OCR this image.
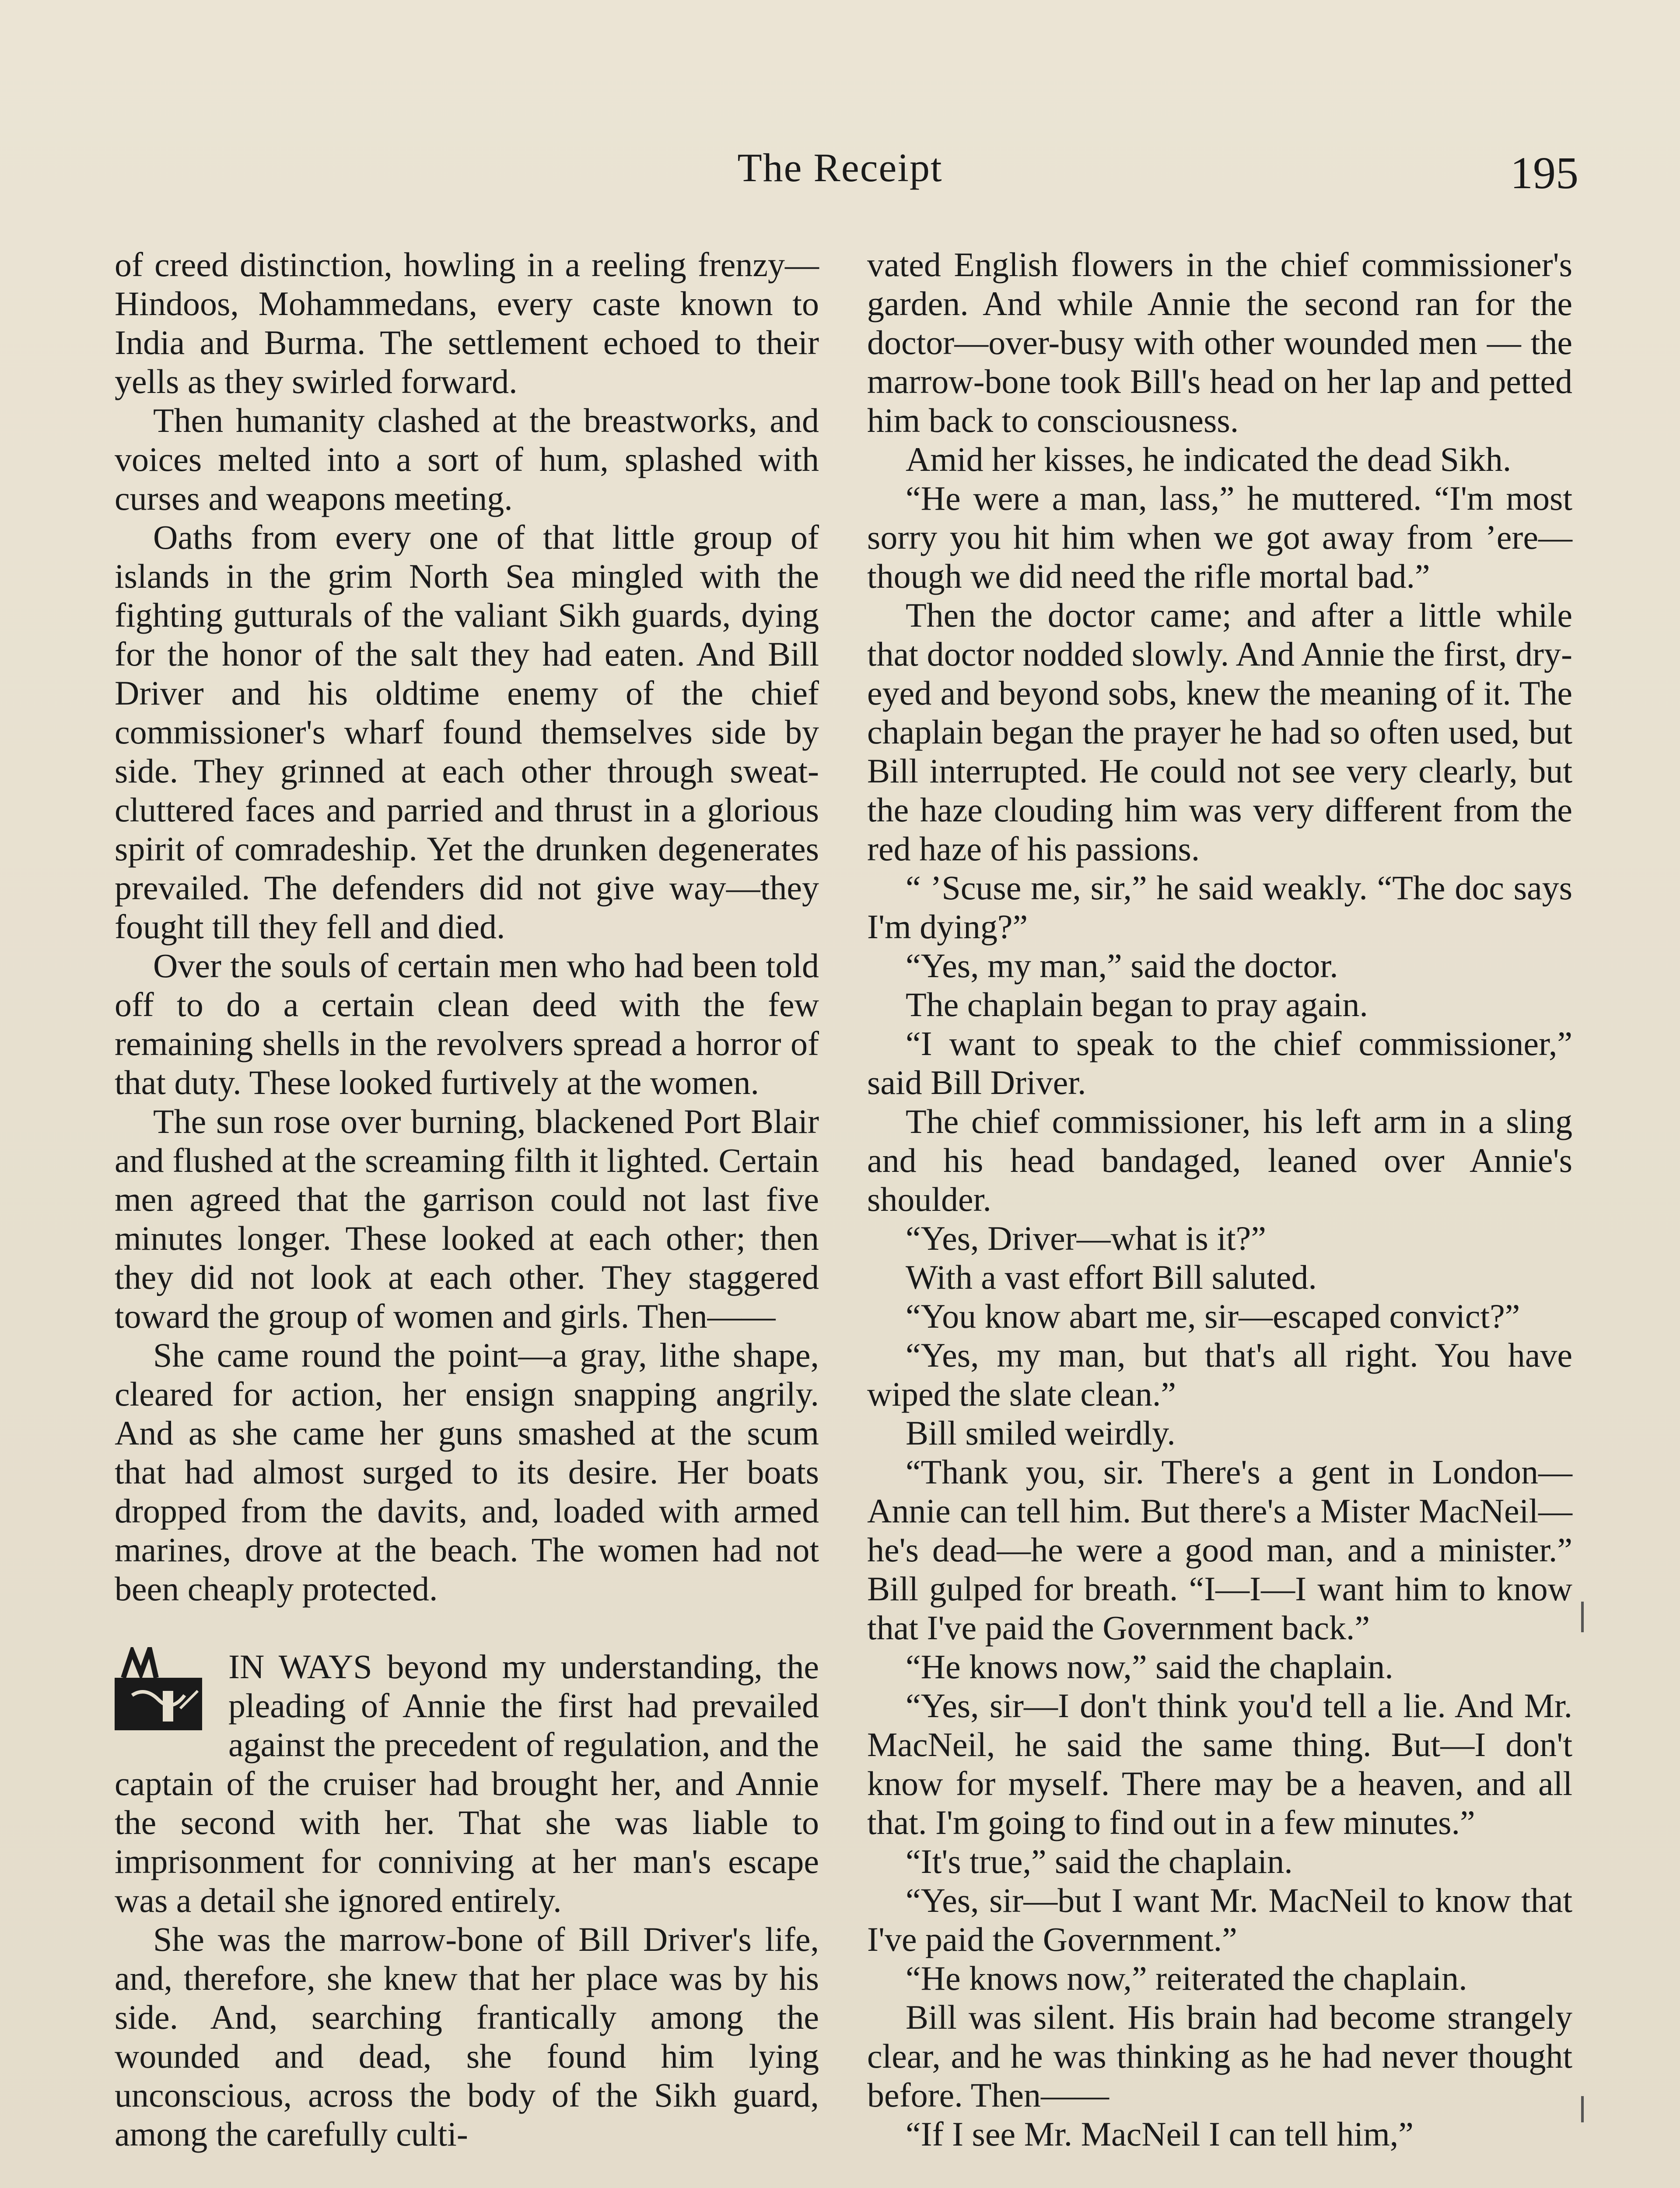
The Receipt	195

of creed distinction, howling in a reeling frenzy—Hindoos, Mohammedans, every caste known to India and Burma. The settlement echoed to their yells as they swirled forward.

Then humanity clashed at the breastworks, and voices melted into a sort of hum, splashed with curses and weapons meeting.

Oaths from every one of that little group of islands in the grim North Sea mingled with the fighting gutturals of the valiant Sikh guards, dying for the honor of the salt they had eaten. And Bill Driver and his oldtime enemy of the chief commissioner's wharf found themselves side by side. They grinned at each other through sweat-cluttered faces and parried and thrust in a glorious spirit of comradeship. Yet the drunken degenerates prevailed. The defenders did not give way—they fought till they fell and died.

Over the souls of certain men who had been told off to do a certain clean deed with the few remaining shells in the revolvers spread a horror of that duty. These looked furtively at the women.

The sun rose over burning, blackened Port Blair and flushed at the screaming filth it lighted. Certain men agreed that the garrison could not last five minutes longer. These looked at each other; then they did not look at each other. They staggered toward the group of women and girls. Then——

She came round the point—a gray, lithe shape, cleared for action, her ensign snapping angrily. And as she came her guns smashed at the scum that had almost surged to its desire. Her boats dropped from the davits, and, loaded with armed marines, drove at the beach. The women had not been cheaply protected.

IN WAYS beyond my understanding, the pleading of Annie the first had prevailed against the precedent of regulation, and the captain of the cruiser had brought her, and Annie the second with her. That she was liable to imprisonment for conniving at her man's escape was a detail she ignored entirely.

She was the marrow-bone of Bill Driver's life, and, therefore, she knew that her place was by his side. And, searching frantically among the wounded and dead, she found him lying unconscious, across the body of the Sikh guard, among the carefully culti-

vated English flowers in the chief commissioner's garden. And while Annie the second ran for the doctor—over-busy with other wounded men — the marrow-bone took Bill's head on her lap and petted him back to consciousness.

Amid her kisses, he indicated the dead Sikh.

“He were a man, lass,” he muttered. “I'm most sorry you hit him when we got away from ’ere—though we did need the rifle mortal bad.”

Then the doctor came; and after a little while that doctor nodded slowly. And Annie the first, dry-eyed and beyond sobs, knew the meaning of it. The chaplain began the prayer he had so often used, but Bill interrupted. He could not see very clearly, but the haze clouding him was very different from the red haze of his passions.

“ ’Scuse me, sir,” he said weakly. “The doc says I'm dying?”

“Yes, my man,” said the doctor.

The chaplain began to pray again.

“I want to speak to the chief commissioner,” said Bill Driver.

The chief commissioner, his left arm in a sling and his head bandaged, leaned over Annie's shoulder.

“Yes, Driver—what is it?”

With a vast effort Bill saluted.

“You know abart me, sir—escaped convict?”

“Yes, my man, but that's all right. You have wiped the slate clean.”

Bill smiled weirdly.

“Thank you, sir. There's a gent in London—Annie can tell him. But there's a Mister MacNeil—he's dead—he were a good man, and a minister.” Bill gulped for breath. “I—I—I want him to know that I've paid the Government back.”

“He knows now,” said the chaplain.

“Yes, sir—I don't think you'd tell a lie. And Mr. MacNeil, he said the same thing. But—I don't know for myself. There may be a heaven, and all that. I'm going to find out in a few minutes.”

“It's true,” said the chaplain.

“Yes, sir—but I want Mr. MacNeil to know that I've paid the Government.”

“He knows now,” reiterated the chaplain.

Bill was silent. His brain had become strangely clear, and he was thinking as he had never thought before. Then——

“If I see Mr. MacNeil I can tell him,”
